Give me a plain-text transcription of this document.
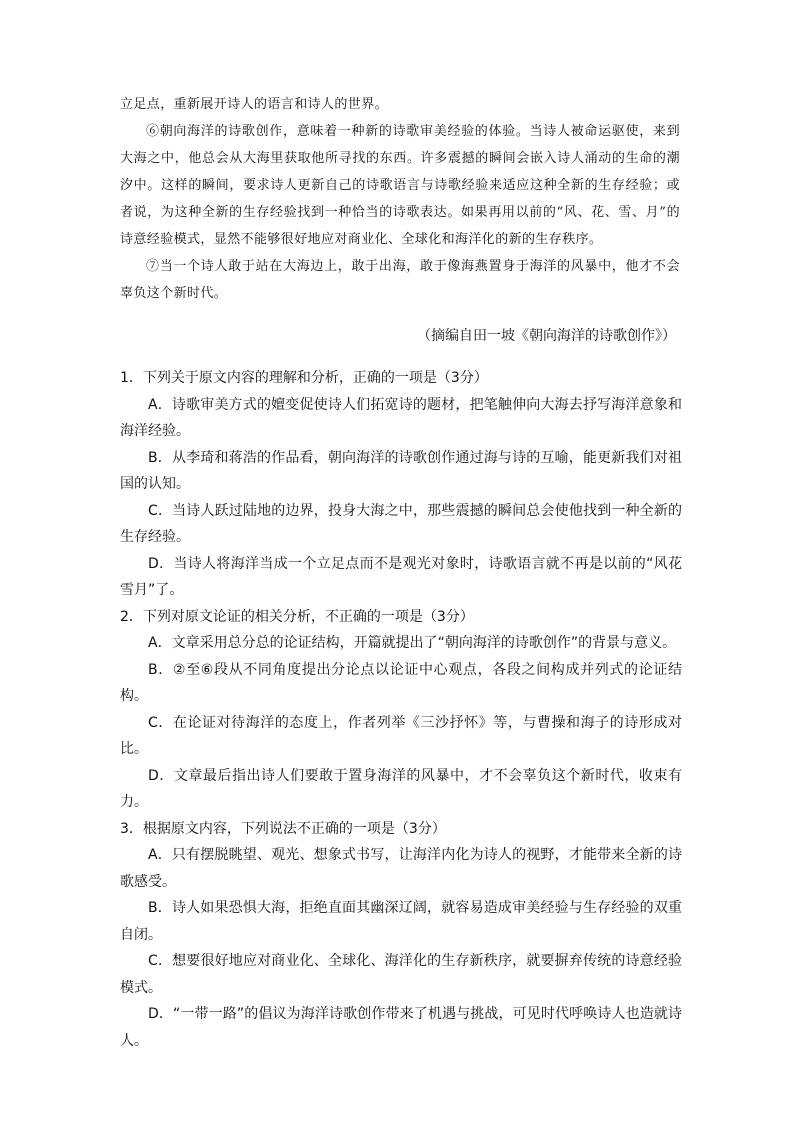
立足点，重新展开诗人的语言和诗人的世界。

⑥朝向海洋的诗歌创作，意味着一种新的诗歌审美经验的体验。当诗人被命运驱使，来到大海之中，他总会从大海里获取他所寻找的东西。许多震撼的瞬间会嵌入诗人涌动的生命的潮汐中。这样的瞬间，要求诗人更新自己的诗歌语言与诗歌经验来适应这种全新的生存经验；或者说，为这种全新的生存经验找到一种恰当的诗歌表达。如果再用以前的“风、花、雪、月”的诗意经验模式，显然不能够很好地应对商业化、全球化和海洋化的新的生存秩序。

⑦当一个诗人敢于站在大海边上，敢于出海，敢于像海燕置身于海洋的风暴中，他才不会辜负这个新时代。

（摘编自田一坡《朝向海洋的诗歌创作》）

1．下列关于原文内容的理解和分析，正确的一项是（3分）

A．诗歌审美方式的嬗变促使诗人们拓宽诗的题材，把笔触伸向大海去抒写海洋意象和海洋经验。

B．从李琦和蒋浩的作品看，朝向海洋的诗歌创作通过海与诗的互喻，能更新我们对祖国的认知。

C．当诗人跃过陆地的边界，投身大海之中，那些震撼的瞬间总会使他找到一种全新的生存经验。

D．当诗人将海洋当成一个立足点而不是观光对象时，诗歌语言就不再是以前的“风花雪月”了。

2．下列对原文论证的相关分析，不正确的一项是（3分）

A．文章采用总分总的论证结构，开篇就提出了“朝向海洋的诗歌创作”的背景与意义。

B．②至⑥段从不同角度提出分论点以论证中心观点，各段之间构成并列式的论证结构。

C．在论证对待海洋的态度上，作者列举《三沙抒怀》等，与曹操和海子的诗形成对比。

D．文章最后指出诗人们要敢于置身海洋的风暴中，才不会辜负这个新时代，收束有力。

3．根据原文内容，下列说法不正确的一项是（3分）

A．只有摆脱眺望、观光、想象式书写，让海洋内化为诗人的视野，才能带来全新的诗歌感受。

B．诗人如果恐惧大海，拒绝直面其幽深辽阔，就容易造成审美经验与生存经验的双重自闭。

C．想要很好地应对商业化、全球化、海洋化的生存新秩序，就要摒弃传统的诗意经验模式。

D．“一带一路”的倡议为海洋诗歌创作带来了机遇与挑战，可见时代呼唤诗人也造就诗人。
